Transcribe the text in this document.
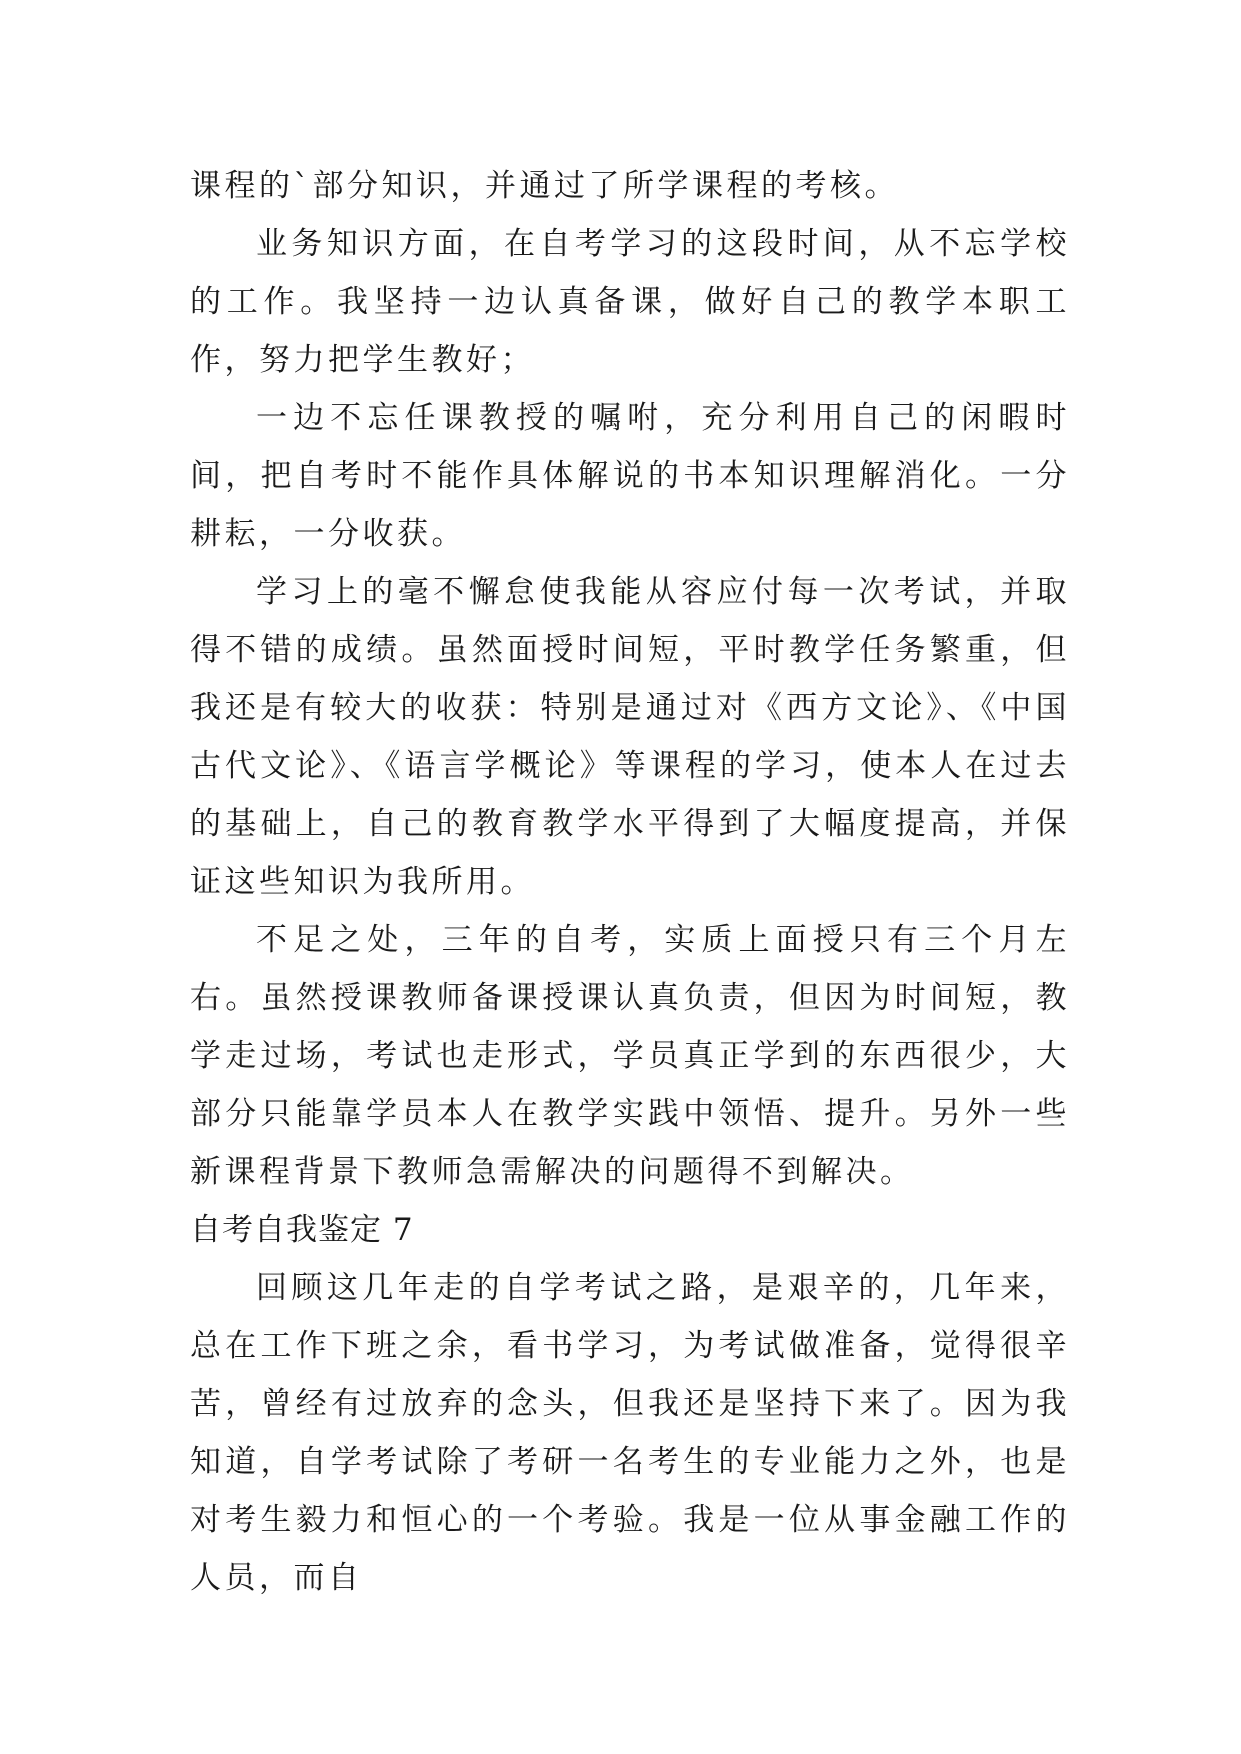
课程的`部分知识，并通过了所学课程的考核。

业务知识方面，在自考学习的这段时间，从不忘学校的工作。我坚持一边认真备课，做好自己的教学本职工作，努力把学生教好；

一边不忘任课教授的嘱咐，充分利用自己的闲暇时间，把自考时不能作具体解说的书本知识理解消化。一分耕耘，一分收获。

学习上的毫不懈怠使我能从容应付每一次考试，并取得不错的成绩。虽然面授时间短，平时教学任务繁重，但我还是有较大的收获：特别是通过对《西方文论》、《中国古代文论》、《语言学概论》等课程的学习，使本人在过去的基础上，自己的教育教学水平得到了大幅度提高，并保证这些知识为我所用。

不足之处，三年的自考，实质上面授只有三个月左右。虽然授课教师备课授课认真负责，但因为时间短，教学走过场，考试也走形式，学员真正学到的东西很少，大部分只能靠学员本人在教学实践中领悟、提升。另外一些新课程背景下教师急需解决的问题得不到解决。

自考自我鉴定 7

回顾这几年走的自学考试之路，是艰辛的，几年来，总在工作下班之余，看书学习，为考试做准备，觉得很辛苦，曾经有过放弃的念头，但我还是坚持下来了。因为我知道，自学考试除了考研一名考生的专业能力之外，也是对考生毅力和恒心的一个考验。我是一位从事金融工作的人员，而自
